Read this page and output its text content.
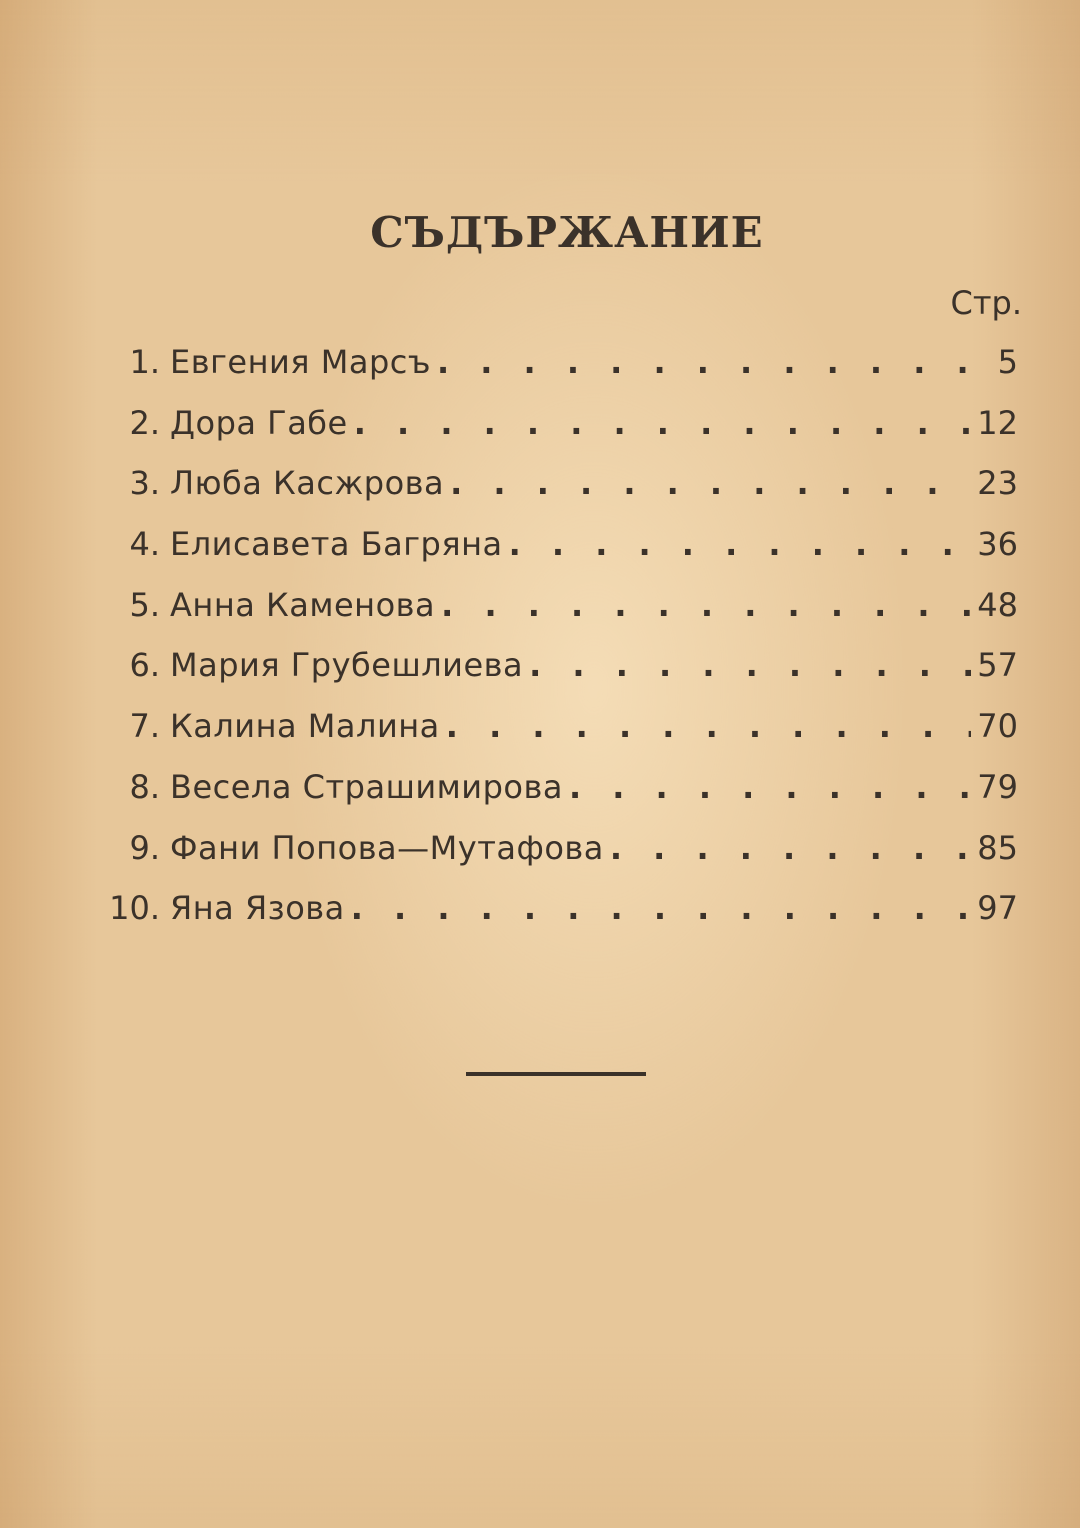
СЪДЪРЖАНИЕ
Стр.
1. Евгения Марсъ . . .	5
2. Дора Габе . . .	12
3. Люба Касжрова . . .	23
4. Елисавета Багряна . . .	36
5. Анна Каменова . . .	48
6. Мария Грубешлиева . . .	57
7. Калина Малина . . .	70
8. Весела Страшимирова . . .	79
9. Фани Попова—Мутафова . . .	85
10. Яна Язова . . .	97
